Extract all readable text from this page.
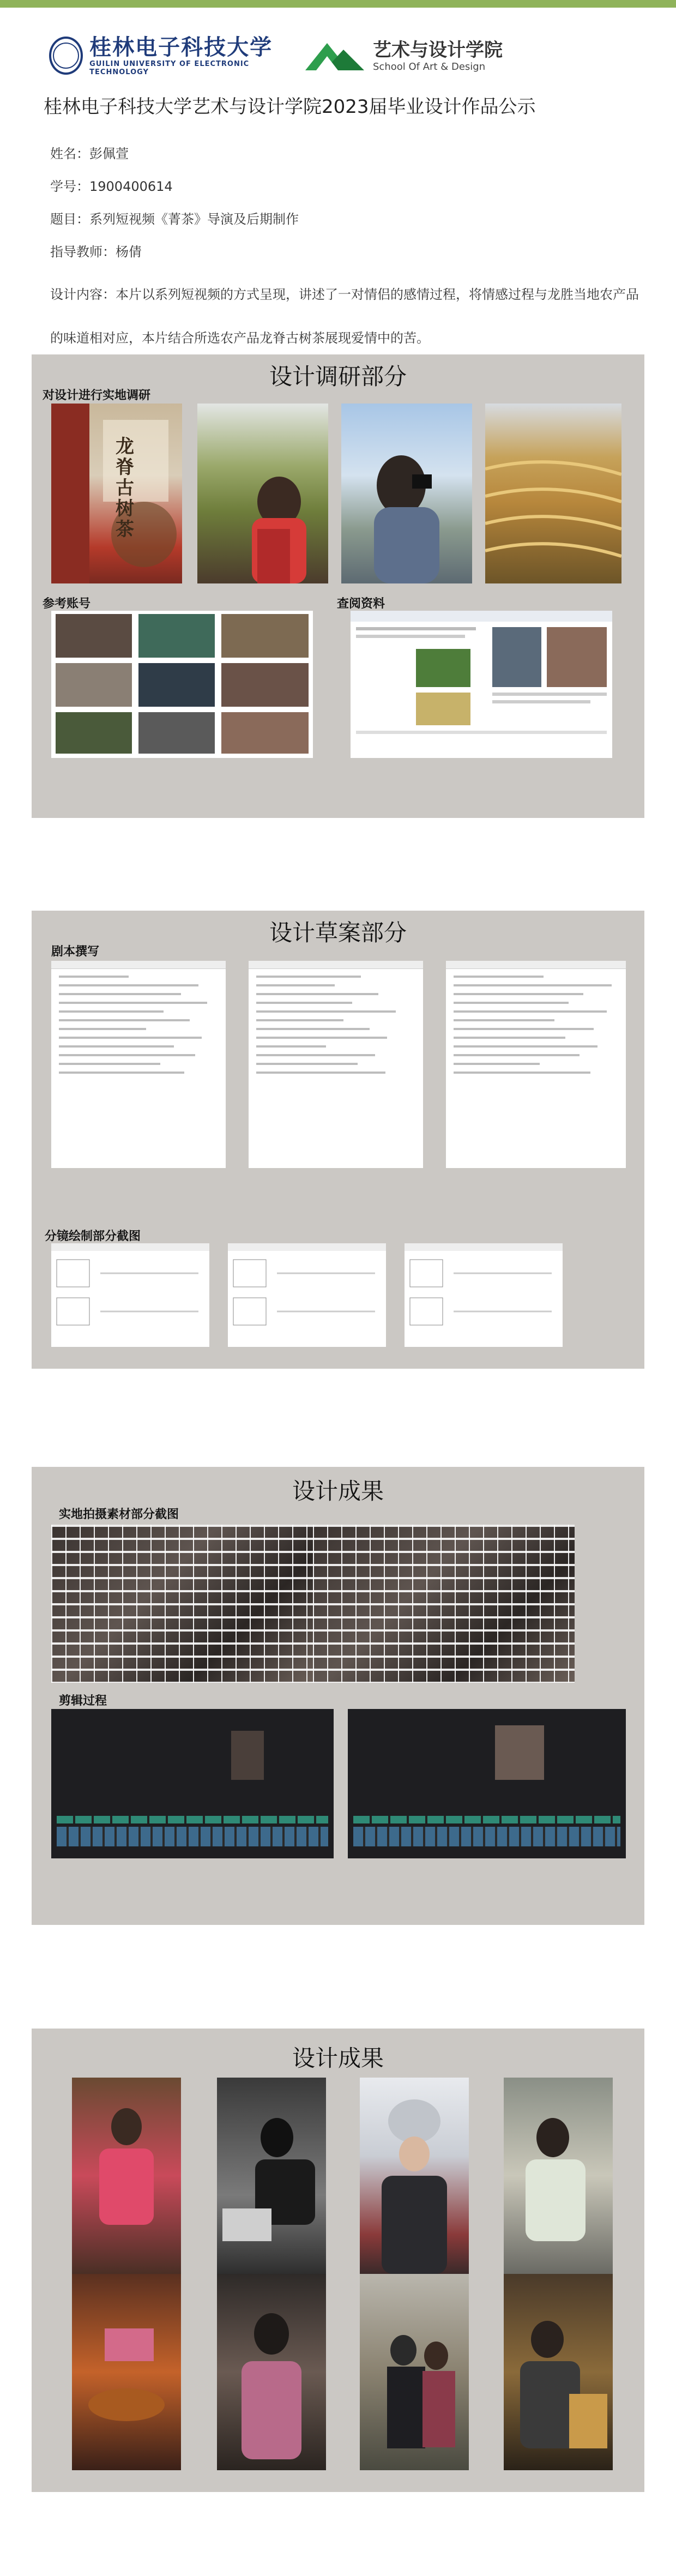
桂林电子科技大学
GUILIN UNIVERSITY OF ELECTRONIC TECHNOLOGY
艺术与设计学院
School Of Art & Design
桂林电子科技大学艺术与设计学院2023届毕业设计作品公示
姓名：彭佩萱
学号：1900400614
题目：系列短视频《菁茶》导演及后期制作
指导教师：杨倩
设计内容：本片以系列短视频的方式呈现，讲述了一对情侣的感情过程，将情感过程与龙胜当地农产品的味道相对应，本片结合所选农产品龙脊古树茶展现爱情中的苦。
设计调研部分
对设计进行实地调研
龙脊古树茶
参考账号	查阅资料
设计草案部分
剧本撰写
分镜绘制部分截图
设计成果
实地拍摄素材部分截图
剪辑过程
设计成果
